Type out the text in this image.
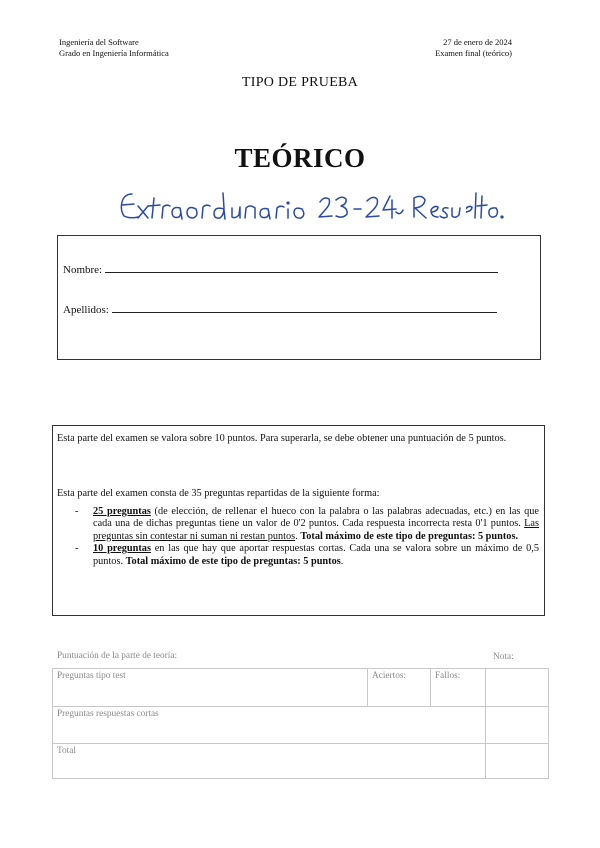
Ingeniería del Software
Grado en Ingeniería Informática
27 de enero de 2024
Examen final (teórico)
TIPO DE PRUEBA
TEÓRICO
Nombre:
Apellidos:

Esta parte del examen se valora sobre 10 puntos. Para superarla, se debe obtener una puntuación de 5 puntos.

Esta parte del examen consta de 35 preguntas repartidas de la siguiente forma:

- 25 preguntas (de elección, de rellenar el hueco con la palabra o las palabras adecuadas, etc.) en las que cada una de dichas preguntas tiene un valor de 0'2 puntos. Cada respuesta incorrecta resta 0'1 puntos. Las preguntas sin contestar ni suman ni restan puntos. Total máximo de este tipo de preguntas: 5 puntos.
- 10 preguntas en las que hay que aportar respuestas cortas. Cada una se valora sobre un máximo de 0,5 puntos. Total máximo de este tipo de preguntas: 5 puntos.
Puntuación de la parte de teoría:	Nota:
Preguntas tipo test	Aciertos:	Fallos:	
Preguntas respuestas cortas			
Total			
